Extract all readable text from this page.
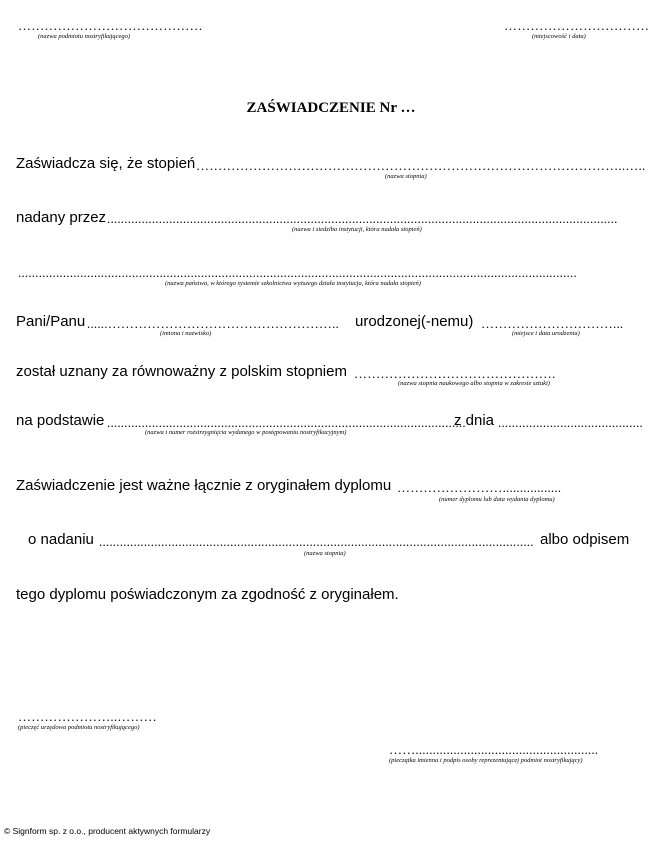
……………………………………
(nazwa podmiotu nostryfikującego)
……………………………
(miejscowość i data)
ZAŚWIADCZENIE Nr …
Zaświadcza się, że stopień ……………………………………………………………………………………..…..
(nazwa stopnia)
nadany przez ....................................................................................................................................................
(nazwa i siedziba instytucji, która nadała stopień)
..................................................................................................................................................................
(nazwa państwa, w którego systemie szkolnictwa wyższego działa instytucja, która nadała stopień)
Pani/Panu ......……………………………………………..
(imiona i nazwisko)
urodzonej(-nemu) …………………………...
(miejsce i data urodzenia)
został uznany za równoważny z polskim stopniem ……………………………………….
(nazwa stopnia naukowego albo stopnia w zakresie sztuki)
na podstawie ........................................................................................................
(nazwa i numer rozstrzygnięcia wydanego w postępowaniu nostryfikacyjnym)
z dnia ..........................................
Zaświadczenie jest ważne łącznie z oryginałem dyplomu …………………….................
(numer dyplomu lub data wydania dyplomu)
o nadaniu ..............................................................................................................................
(nazwa stopnia)
albo odpisem
tego dyplomu poświadczonym za zgodność z oryginałem.
…………………..………
(pieczęć urzędowa podmiotu nostryfikującego)
…….....................................................
(pieczątka imienna i podpis osoby reprezentującej podmiot nostryfikujący)
© Signform sp. z o.o., producent aktywnych formularzy
